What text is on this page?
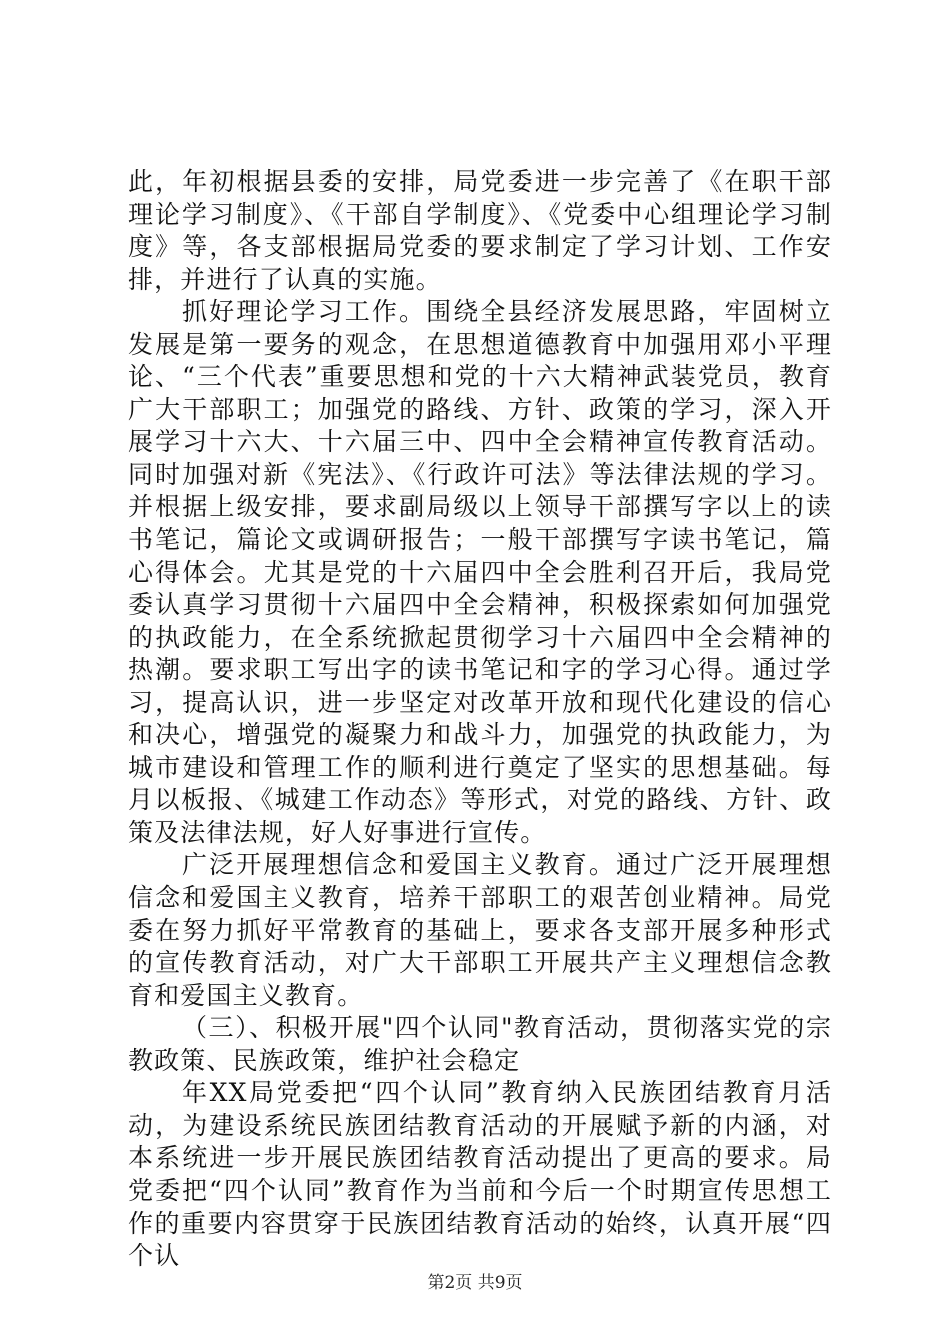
此，年初根据县委的安排，局党委进一步完善了《在职干部理论学习制度》、《干部自学制度》、《党委中心组理论学习制度》等，各支部根据局党委的要求制定了学习计划、工作安排，并进行了认真的实施。

抓好理论学习工作。围绕全县经济发展思路，牢固树立发展是第一要务的观念，在思想道德教育中加强用邓小平理论、“三个代表”重要思想和党的十六大精神武装党员，教育广大干部职工；加强党的路线、方针、政策的学习，深入开展学习十六大、十六届三中、四中全会精神宣传教育活动。同时加强对新《宪法》、《行政许可法》等法律法规的学习。并根据上级安排，要求副局级以上领导干部撰写字以上的读书笔记，篇论文或调研报告；一般干部撰写字读书笔记，篇心得体会。尤其是党的十六届四中全会胜利召开后，我局党委认真学习贯彻十六届四中全会精神，积极探索如何加强党的执政能力，在全系统掀起贯彻学习十六届四中全会精神的热潮。要求职工写出字的读书笔记和字的学习心得。通过学习，提高认识，进一步坚定对改革开放和现代化建设的信心和决心，增强党的凝聚力和战斗力，加强党的执政能力，为城市建设和管理工作的顺利进行奠定了坚实的思想基础。每月以板报、《城建工作动态》等形式，对党的路线、方针、政策及法律法规，好人好事进行宣传。

广泛开展理想信念和爱国主义教育。通过广泛开展理想信念和爱国主义教育，培养干部职工的艰苦创业精神。局党委在努力抓好平常教育的基础上，要求各支部开展多种形式的宣传教育活动，对广大干部职工开展共产主义理想信念教育和爱国主义教育。

（三）、积极开展"四个认同"教育活动，贯彻落实党的宗教政策、民族政策，维护社会稳定

年XX局党委把“四个认同”教育纳入民族团结教育月活动，为建设系统民族团结教育活动的开展赋予新的内涵，对本系统进一步开展民族团结教育活动提出了更高的要求。局党委把“四个认同”教育作为当前和今后一个时期宣传思想工作的重要内容贯穿于民族团结教育活动的始终，认真开展“四个认

第2页 共9页
